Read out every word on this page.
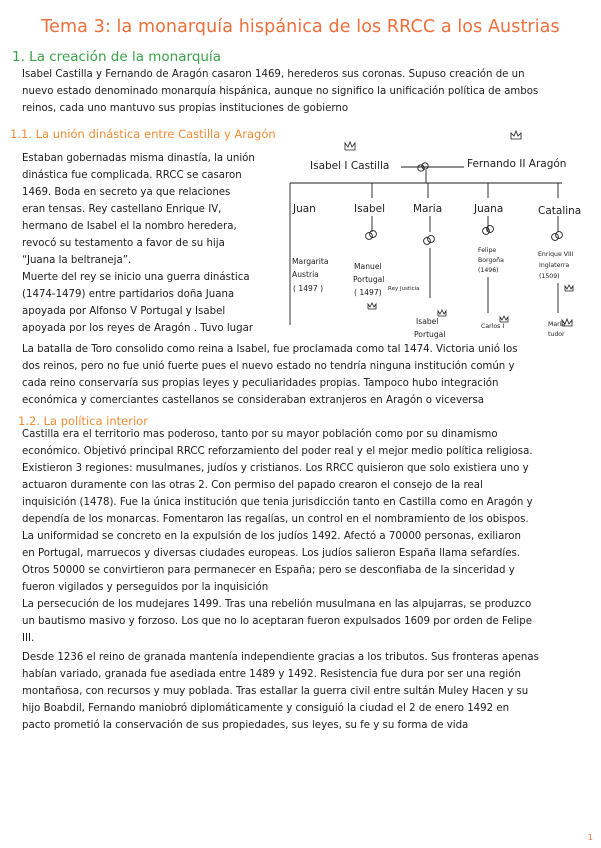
Tema 3: la monarquía hispánica de los RRCC a los Austrias
1. La creación de la monarquía

Isabel Castilla y Fernando de Aragón casaron 1469, herederos sus coronas. Supuso creación de un

nuevo estado denominado monarquía hispánica, aunque no significo la unificación política de ambos

reinos, cada uno mantuvo sus propias instituciones de gobierno

1.1. La unión dinástica entre Castilla y Aragón

Estaban gobernadas misma dinastía, la unión

dinástica fue complicada. RRCC se casaron

1469. Boda en secreto ya que relaciones

eran tensas. Rey castellano Enrique IV,

hermano de Isabel el la nombro heredera,

revocó su testamento a favor de su hija

“Juana la beltraneja”.

Muerte del rey se inicio una guerra dinástica

(1474-1479) entre partidarios doña Juana

apoyada por Alfonso V Portugal y Isabel

apoyada por los reyes de Aragón . Tuvo lugar

Isabel I Castilla	Fernando II Aragón
Juan	Isabel	Maria	Juana	Catalina
Margarita
Austria
( 1497 )
Manuel
Portugal
( 1497) Rey Justicia
Isabel
Portugal
Felipe
Borgoña
(1496)
Carlos I
Enrique VIII
Inglaterra
(1509)
María
tudor

La batalla de Toro consolido como reina a Isabel, fue proclamada como tal 1474. Victoria unió los

dos reinos, pero no fue unió fuerte pues el nuevo estado no tendría ninguna institución común y

cada reino conservaría sus propias leyes y peculiaridades propias. Tampoco hubo integración

económica y comerciantes castellanos se consideraban extranjeros en Aragón o viceversa

1.2. La política interior

Castilla era el territorio mas poderoso, tanto por su mayor población como por su dinamismo

económico. Objetivó principal RRCC reforzamiento del poder real y el mejor medio política religiosa.

Existieron 3 regiones: musulmanes, judíos y cristianos. Los RRCC quisieron que solo existiera uno y

actuaron duramente con las otras 2. Con permiso del papado crearon el consejo de la real

inquisición (1478). Fue la única institución que tenia jurisdicción tanto en Castilla como en Aragón y

dependía de los monarcas. Fomentaron las regalías, un control en el nombramiento de los obispos.

La uniformidad se concreto en la expulsión de los judíos 1492. Afectó a 70000 personas, exiliaron

en Portugal, marruecos y diversas ciudades europeas. Los judíos salieron España llama sefardíes.

Otros 50000 se convirtieron para permanecer en España; pero se desconfiaba de la sinceridad y

fueron vigilados y perseguidos por la inquisición

La persecución de los mudejares 1499. Tras una rebelión musulmana en las alpujarras, se produzco

un bautismo masivo y forzoso. Los que no lo aceptaran fueron expulsados 1609 por orden de Felipe

III.

Desde 1236 el reino de granada mantenía independiente gracias a los tributos. Sus fronteras apenas

habían variado, granada fue asediada entre 1489 y 1492. Resistencia fue dura por ser una región

montañosa, con recursos y muy poblada. Tras estallar la guerra civil entre sultán Muley Hacen y su

hijo Boabdil, Fernando maniobró diplomáticamente y consiguió la ciudad el 2 de enero 1492 en

pacto prometió la conservación de sus propiedades, sus leyes, su fe y su forma de vida

1
